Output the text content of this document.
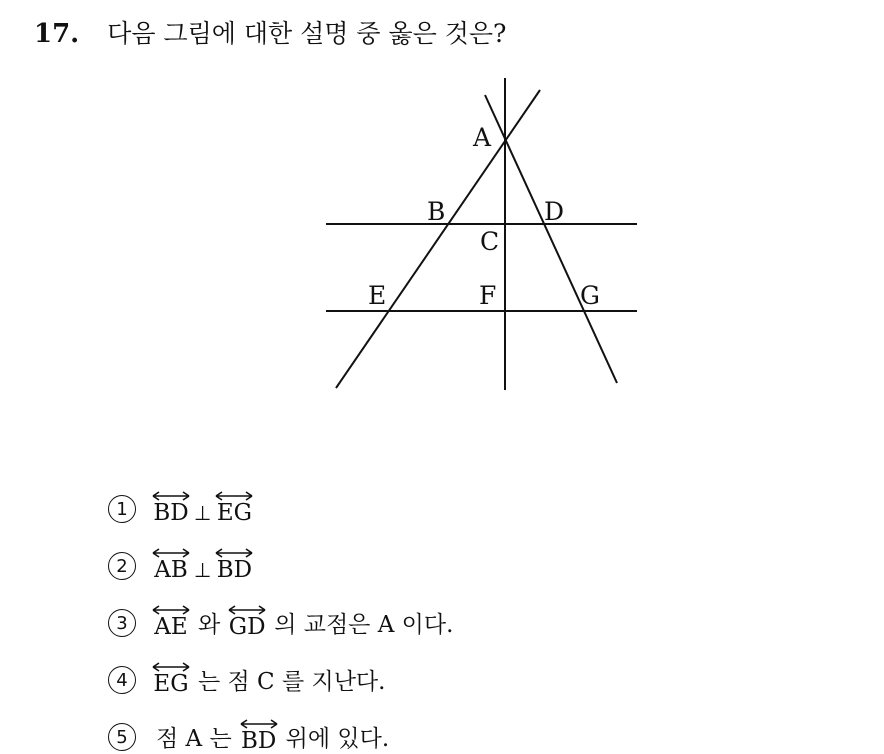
17. 다음 그림에 대한 설명 중 옳은 것은?
A
B
C
D
E	F	G
1	BD ⊥ EG
2	AB ⊥ BD
3	AE 와 GD 의 교점은 A 이다.
4	EG 는 점 C 를 지난다.
5	점 A 는 BD 위에 있다.
